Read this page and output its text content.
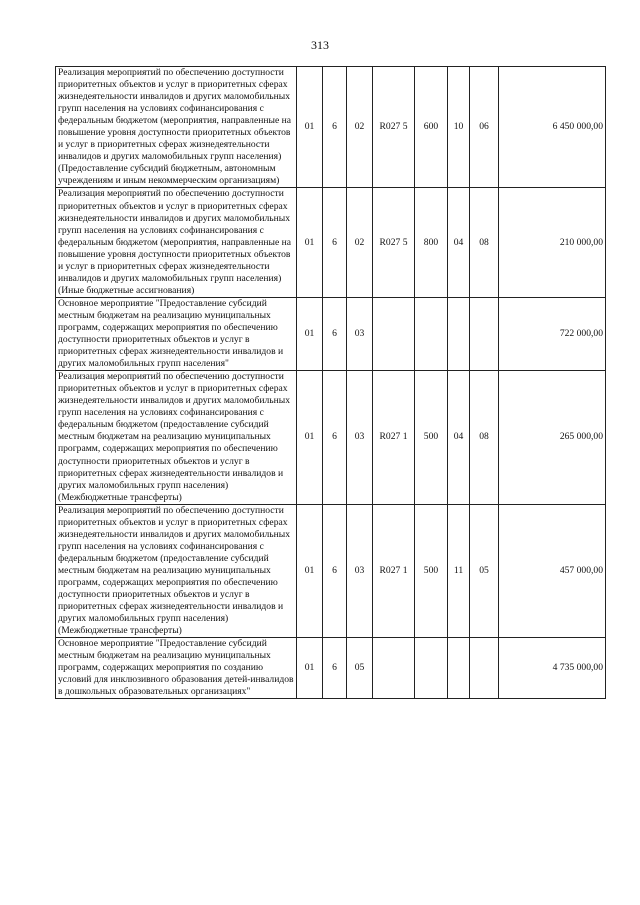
313
Реализация мероприятий по обеспечению доступности приоритетных объектов и услуг в приоритетных сферах жизнедеятельности инвалидов и других маломобильных групп населения на условиях софинансирования с федеральным бюджетом (мероприятия, направленные на повышение уровня доступности приоритетных объектов и услуг в приоритетных сферах жизнедеятельности инвалидов и других маломобильных групп населения) (Предоставление субсидий бюджетным, автономным учреждениям и иным некоммерческим организациям)	01	6	02	R027 5	600	10	06	6 450 000,00
Реализация мероприятий по обеспечению доступности приоритетных объектов и услуг в приоритетных сферах жизнедеятельности инвалидов и других маломобильных групп населения на условиях софинансирования с федеральным бюджетом (мероприятия, направленные на повышение уровня доступности приоритетных объектов и услуг в приоритетных сферах жизнедеятельности инвалидов и других маломобильных групп населения) (Иные бюджетные ассигнования)	01	6	02	R027 5	800	04	08	210 000,00
Основное мероприятие "Предоставление субсидий местным бюджетам на реализацию муниципальных программ, содержащих мероприятия по обеспечению доступности приоритетных объектов и услуг в приоритетных сферах жизнедеятельности инвалидов и других маломобильных групп населения"	01	6	03					722 000,00
Реализация мероприятий по обеспечению доступности приоритетных объектов и услуг в приоритетных сферах жизнедеятельности инвалидов и других маломобильных групп населения на условиях софинансирования с федеральным бюджетом (предоставление субсидий местным бюджетам на реализацию муниципальных программ, содержащих мероприятия по обеспечению доступности приоритетных объектов и услуг в приоритетных сферах жизнедеятельности инвалидов и других маломобильных групп населения) (Межбюджетные трансферты)	01	6	03	R027 1	500	04	08	265 000,00
Реализация мероприятий по обеспечению доступности приоритетных объектов и услуг в приоритетных сферах жизнедеятельности инвалидов и других маломобильных групп населения на условиях софинансирования с федеральным бюджетом (предоставление субсидий местным бюджетам на реализацию муниципальных программ, содержащих мероприятия по обеспечению доступности приоритетных объектов и услуг в приоритетных сферах жизнедеятельности инвалидов и других маломобильных групп населения) (Межбюджетные трансферты)	01	6	03	R027 1	500	11	05	457 000,00
Основное мероприятие "Предоставление субсидий местным бюджетам на реализацию муниципальных программ, содержащих мероприятия по созданию условий для инклюзивного образования детей-инвалидов в дошкольных образовательных организациях"	01	6	05					4 735 000,00
